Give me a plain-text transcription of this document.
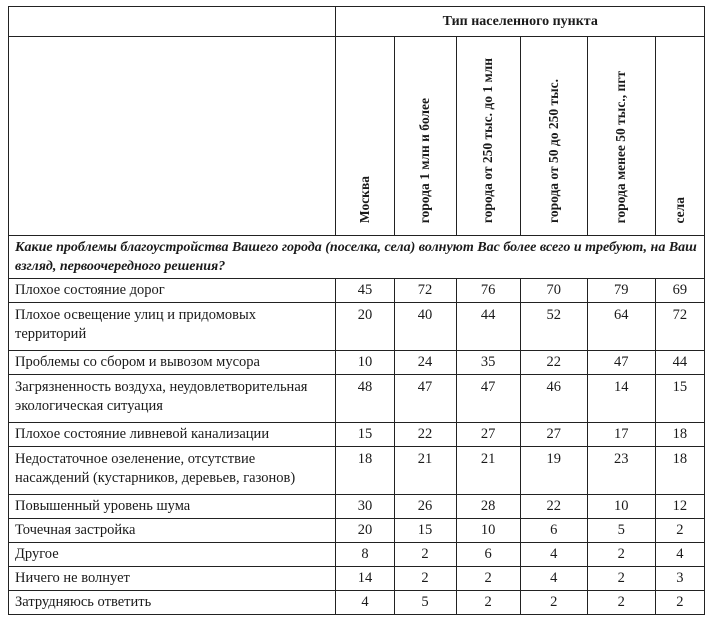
	Тип населенного пункта					
	Москва	города 1 млн и более	города от 250 тыс. до 1 млн	города от 50 до 250 тыс.	города менее 50 тыс., пгт	села
Какие проблемы благоустройства Вашего города (поселка, села) волнуют Вас более всего и требуют, на Ваш взгляд, первоочередного решения?						
Плохое состояние дорог	45	72	76	70	79	69
Плохое освещение улиц и придомовых территорий	20	40	44	52	64	72
Проблемы со сбором и вывозом мусора	10	24	35	22	47	44
Загрязненность воздуха, неудовлетворительная экологическая ситуация	48	47	47	46	14	15
Плохое состояние ливневой канализации	15	22	27	27	17	18
Недостаточное озеленение, отсутствие насаждений (кустарников, деревьев, газонов)	18	21	21	19	23	18
Повышенный уровень шума	30	26	28	22	10	12
Точечная застройка	20	15	10	6	5	2
Другое	8	2	6	4	2	4
Ничего не волнует	14	2	2	4	2	3
Затрудняюсь ответить	4	5	2	2	2	2
